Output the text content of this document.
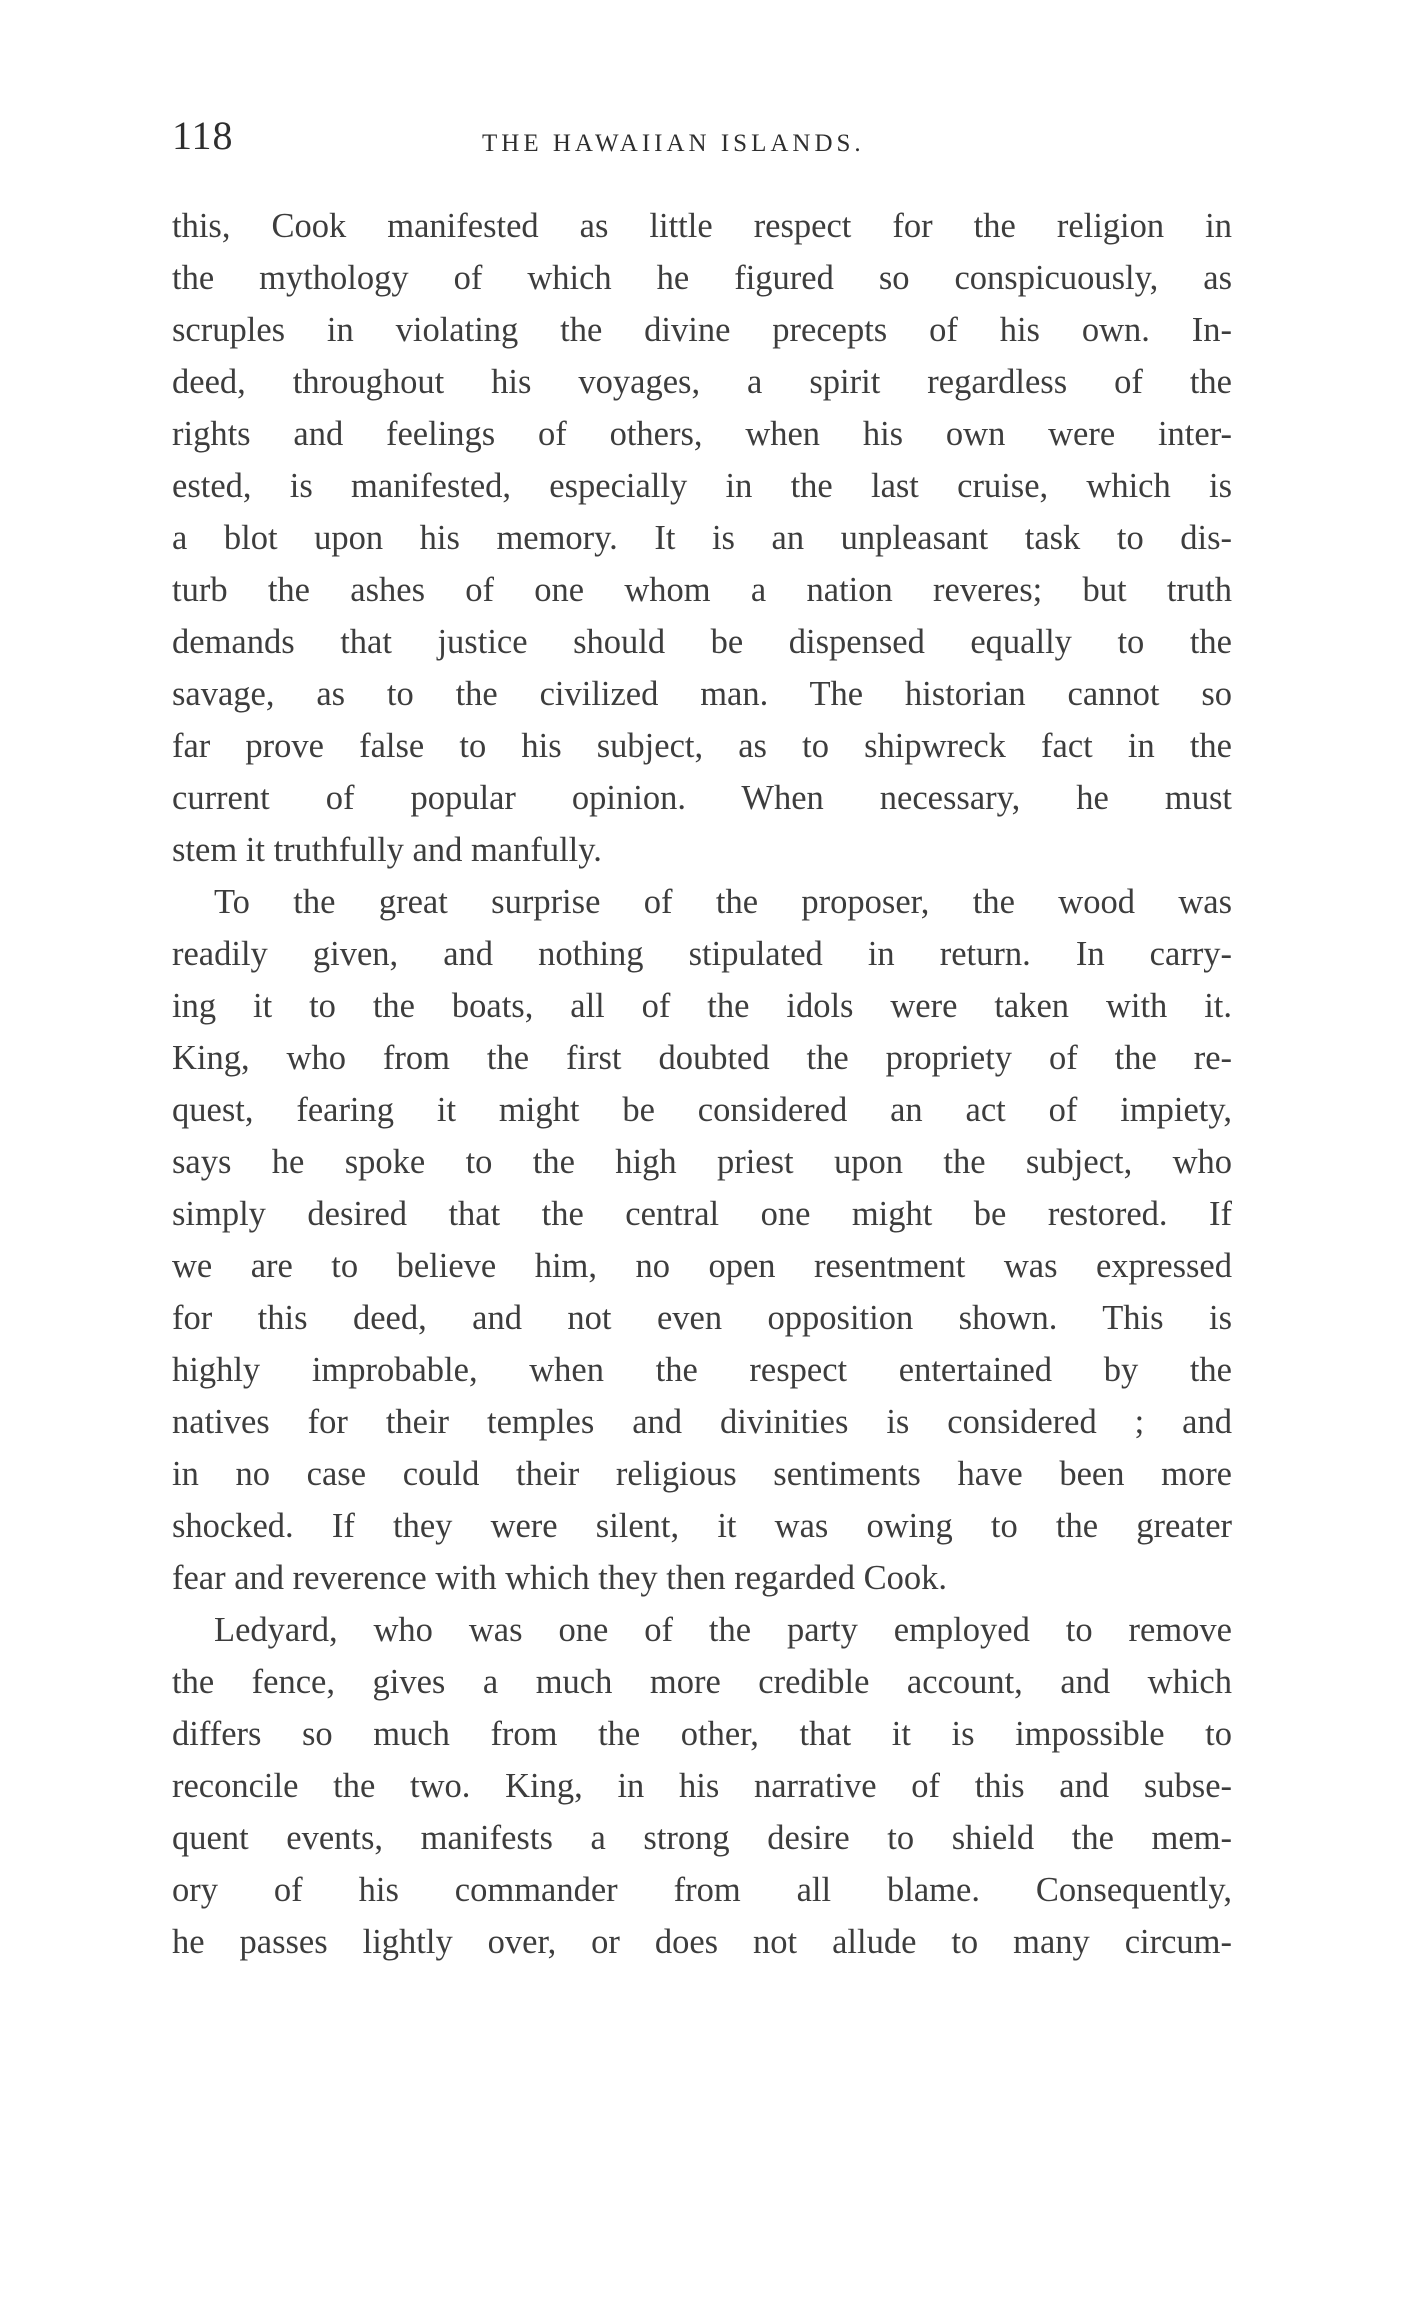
118	THE HAWAIIAN ISLANDS.
this, Cook manifested as little respect for the religion in
the mythology of which he figured so conspicuously, as
scruples in violating the divine precepts of his own. In-
deed, throughout his voyages, a spirit regardless of the
rights and feelings of others, when his own were inter-
ested, is manifested, especially in the last cruise, which is
a blot upon his memory. It is an unpleasant task to dis-
turb the ashes of one whom a nation reveres; but truth
demands that justice should be dispensed equally to the
savage, as to the civilized man. The historian cannot so
far prove false to his subject, as to shipwreck fact in the
current of popular opinion. When necessary, he must
stem it truthfully and manfully.
To the great surprise of the proposer, the wood was
readily given, and nothing stipulated in return. In carry-
ing it to the boats, all of the idols were taken with it.
King, who from the first doubted the propriety of the re-
quest, fearing it might be considered an act of impiety,
says he spoke to the high priest upon the subject, who
simply desired that the central one might be restored. If
we are to believe him, no open resentment was expressed
for this deed, and not even opposition shown. This is
highly improbable, when the respect entertained by the
natives for their temples and divinities is considered ; and
in no case could their religious sentiments have been more
shocked. If they were silent, it was owing to the greater
fear and reverence with which they then regarded Cook.
Ledyard, who was one of the party employed to remove
the fence, gives a much more credible account, and which
differs so much from the other, that it is impossible to
reconcile the two. King, in his narrative of this and subse-
quent events, manifests a strong desire to shield the mem-
ory of his commander from all blame. Consequently,
he passes lightly over, or does not allude to many circum-
